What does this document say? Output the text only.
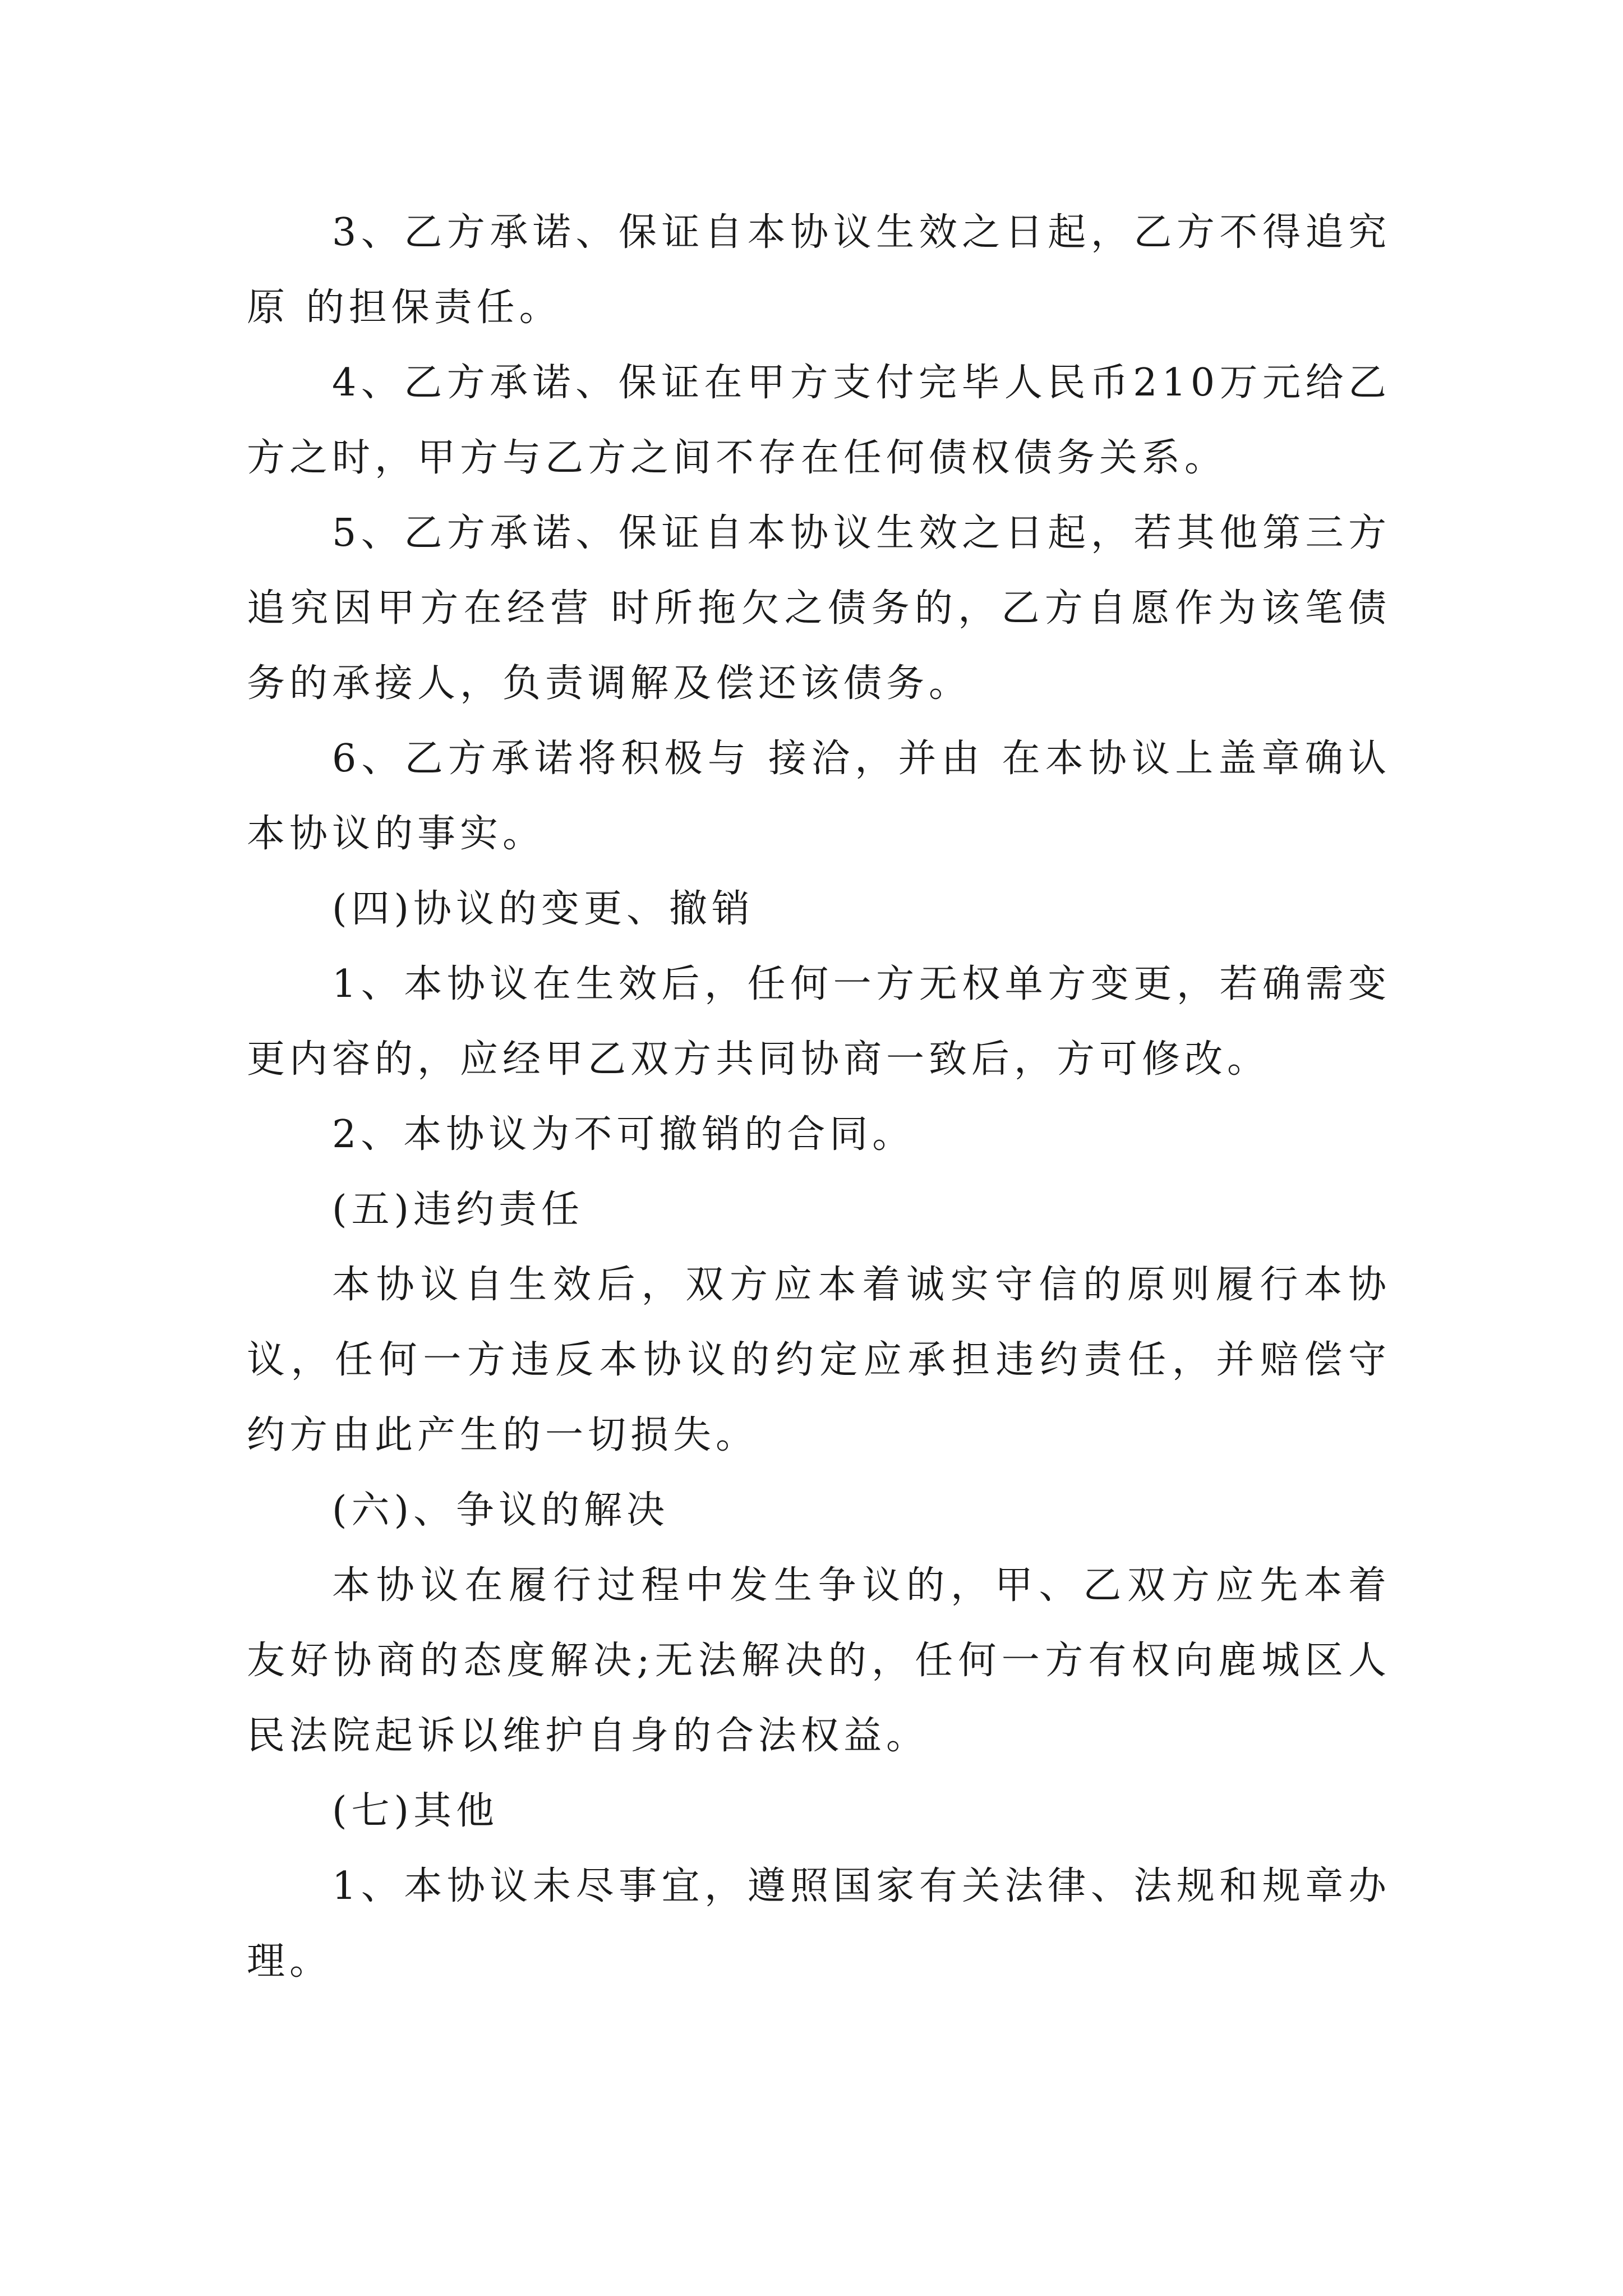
3、乙方承诺、保证自本协议生效之日起，乙方不得追究原 的担保责任。

4、乙方承诺、保证在甲方支付完毕人民币210万元给乙方之时，甲方与乙方之间不存在任何债权债务关系。

5、乙方承诺、保证自本协议生效之日起，若其他第三方追究因甲方在经营 时所拖欠之债务的，乙方自愿作为该笔债务的承接人，负责调解及偿还该债务。

6、乙方承诺将积极与 接洽，并由 在本协议上盖章确认本协议的事实。

(四)协议的变更、撤销

1、本协议在生效后，任何一方无权单方变更，若确需变更内容的，应经甲乙双方共同协商一致后，方可修改。

2、本协议为不可撤销的合同。

(五)违约责任

本协议自生效后，双方应本着诚实守信的原则履行本协议，任何一方违反本协议的约定应承担违约责任，并赔偿守约方由此产生的一切损失。

(六)、争议的解决

本协议在履行过程中发生争议的，甲、乙双方应先本着友好协商的态度解决;无法解决的，任何一方有权向鹿城区人民法院起诉以维护自身的合法权益。

(七)其他

1、本协议未尽事宜，遵照国家有关法律、法规和规章办理。
